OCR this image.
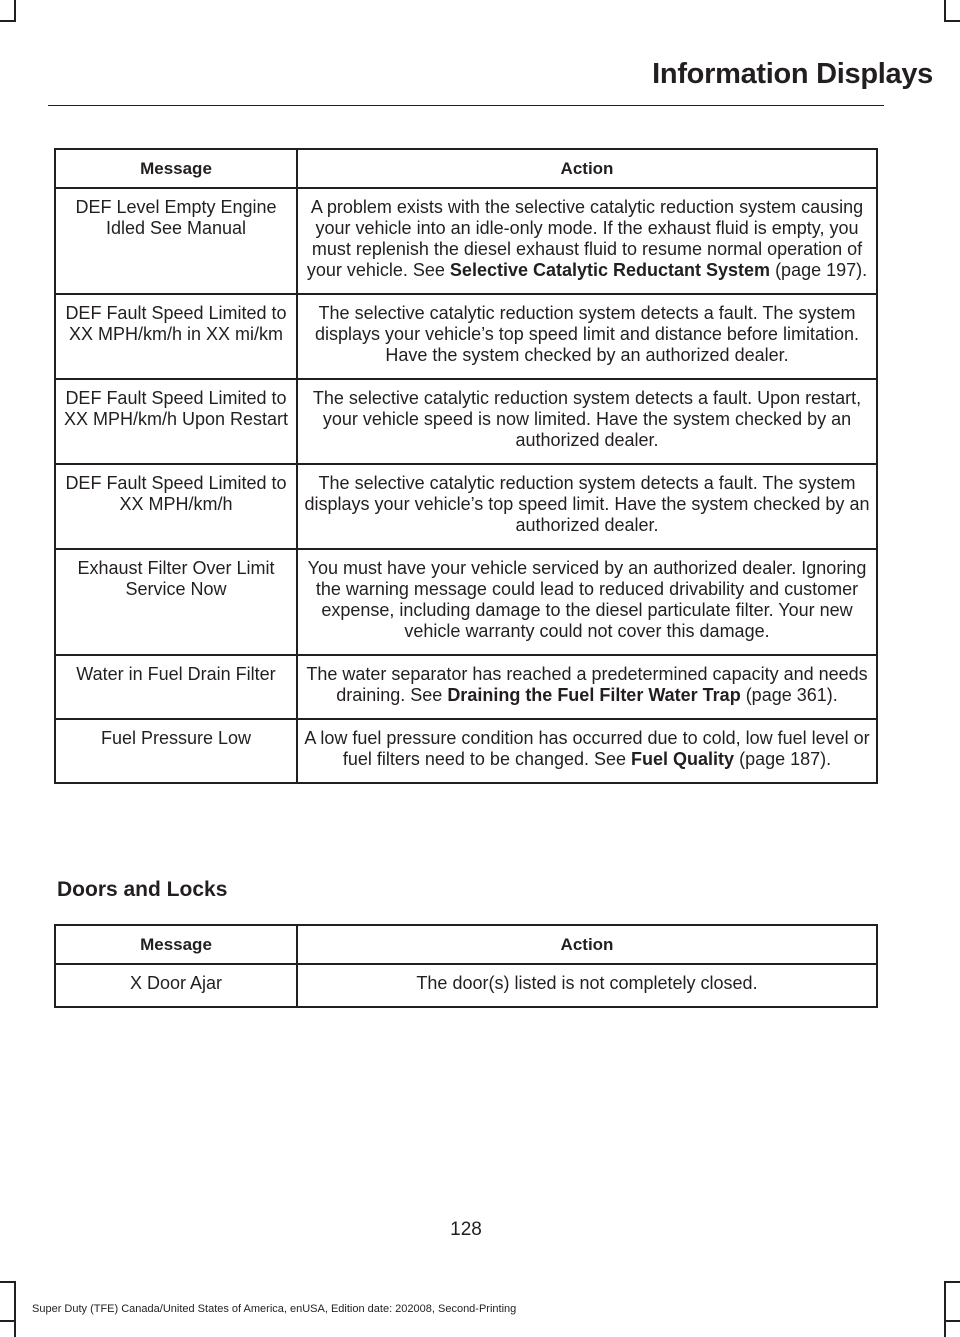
Information Displays
Message	Action
DEF Level Empty Engine Idled See Manual	A problem exists with the selective catalytic reduction system causing your vehicle into an idle-only mode. If the exhaust fluid is empty, you must replenish the diesel exhaust fluid to resume normal operation of your vehicle. See Selective Catalytic Reductant System (page 197).
DEF Fault Speed Limited to XX MPH/km/h in XX mi/km	The selective catalytic reduction system detects a fault. The system displays your vehicle’s top speed limit and distance before limitation. Have the system checked by an authorized dealer.
DEF Fault Speed Limited to XX MPH/km/h Upon Restart	The selective catalytic reduction system detects a fault. Upon restart, your vehicle speed is now limited. Have the system checked by an authorized dealer.
DEF Fault Speed Limited to XX MPH/km/h	The selective catalytic reduction system detects a fault. The system displays your vehicle’s top speed limit. Have the system checked by an authorized dealer.
Exhaust Filter Over Limit Service Now	You must have your vehicle serviced by an authorized dealer. Ignoring the warning message could lead to reduced drivability and customer expense, including damage to the diesel particulate filter. Your new vehicle warranty could not cover this damage.
Water in Fuel Drain Filter	The water separator has reached a predetermined capacity and needs draining. See Draining the Fuel Filter Water Trap (page 361).
Fuel Pressure Low	A low fuel pressure condition has occurred due to cold, low fuel level or fuel filters need to be changed. See Fuel Quality (page 187).
Doors and Locks
Message	Action
X Door Ajar	The door(s) listed is not completely closed.
128
Super Duty (TFE) Canada/United States of America, enUSA, Edition date: 202008, Second-Printing
